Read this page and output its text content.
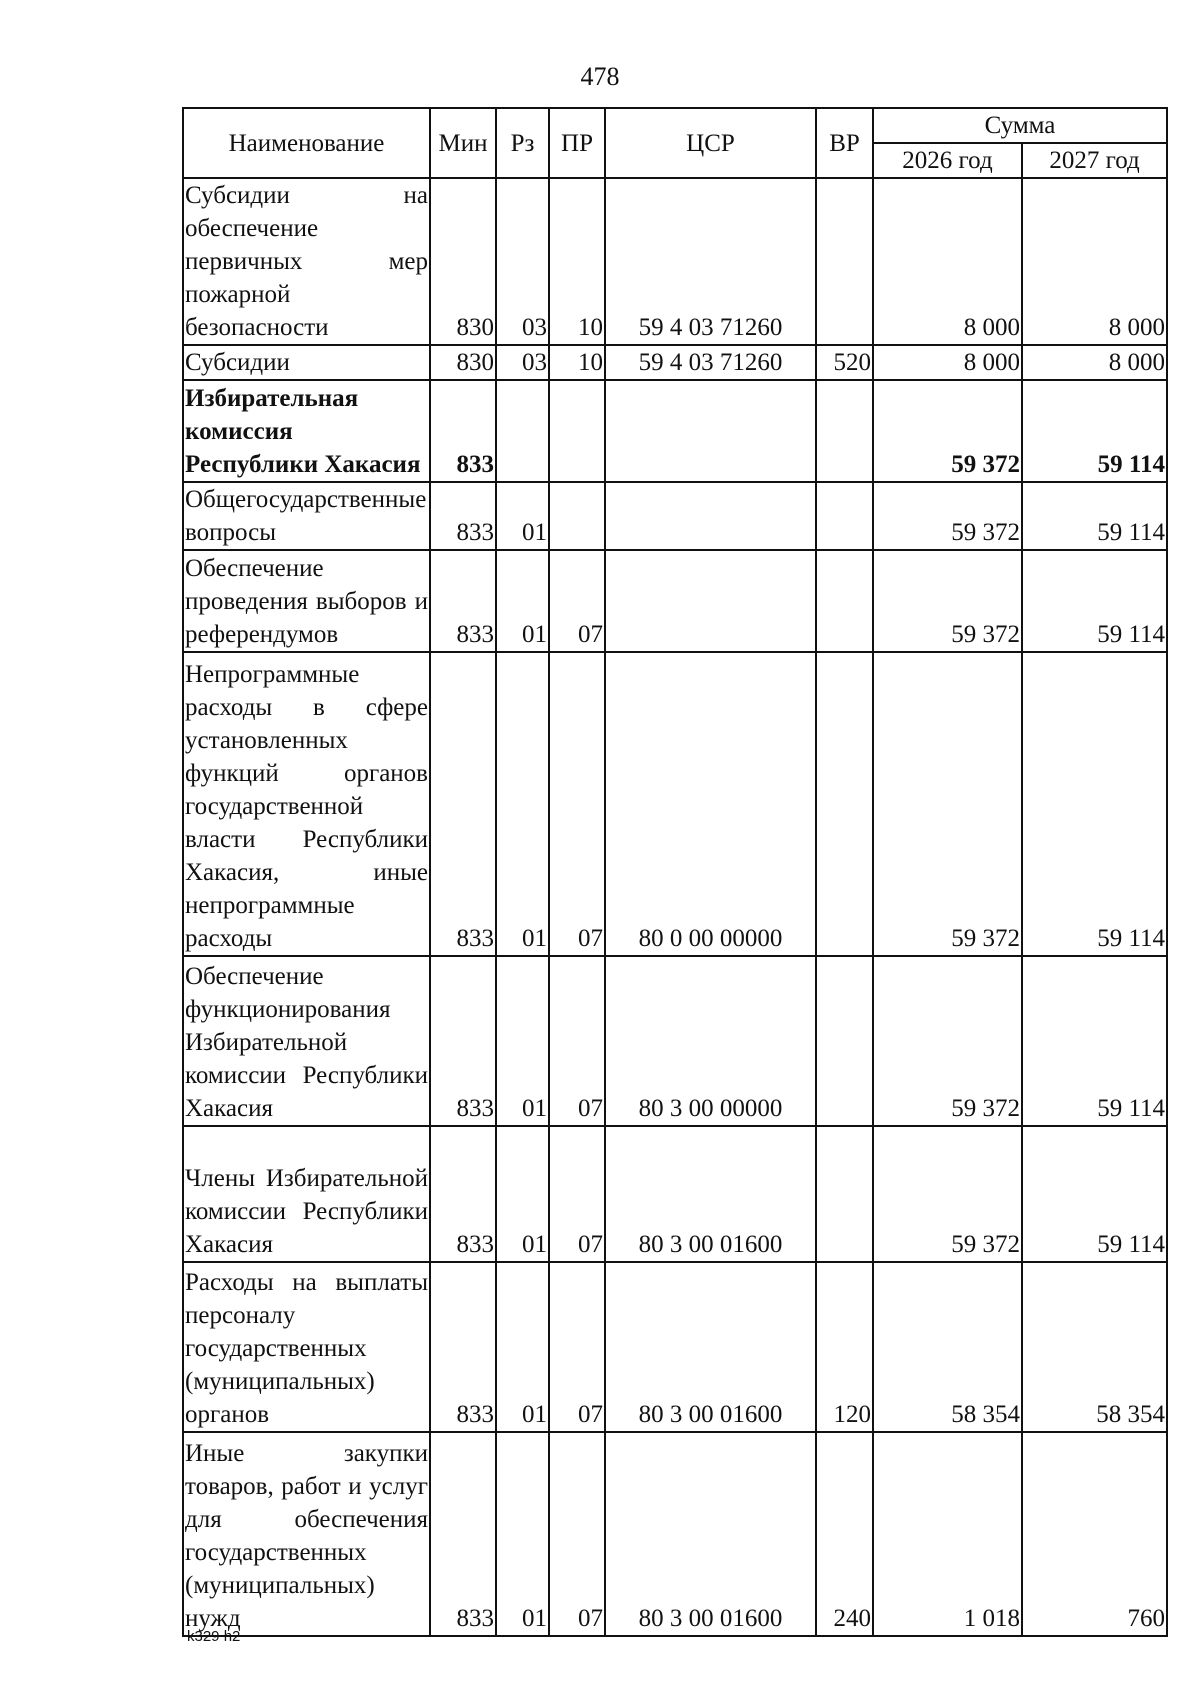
478
Наименование	Мин	Рз	ПР	ЦСР	ВР	Сумма	
						2026 год	2027 год
Субсидии на обеспечение первичных мер пожарной безопасности	830	03	10	59 4 03 71260		8 000	8 000
Субсидии	830	03	10	59 4 03 71260	520	8 000	8 000
Избирательная комиссия Республики Хакасия	833					59 372	59 114
Общегосударственные вопросы	833	01				59 372	59 114
Обеспечение проведения выборов и референдумов	833	01	07			59 372	59 114
Непрограммные расходы в сфере установленных функций органов государственной власти Республики Хакасия, иные непрограммные расходы	833	01	07	80 0 00 00000		59 372	59 114
Обеспечение функционирования Избирательной комиссии Республики Хакасия	833	01	07	80 3 00 00000		59 372	59 114
Члены Избирательной комиссии Республики Хакасия	833	01	07	80 3 00 01600		59 372	59 114
Расходы на выплаты персоналу государственных (муниципальных) органов	833	01	07	80 3 00 01600	120	58 354	58 354
Иные закупки товаров, работ и услуг для обеспечения государственных (муниципальных) нужд	833	01	07	80 3 00 01600	240	1 018	760
k329 h2
